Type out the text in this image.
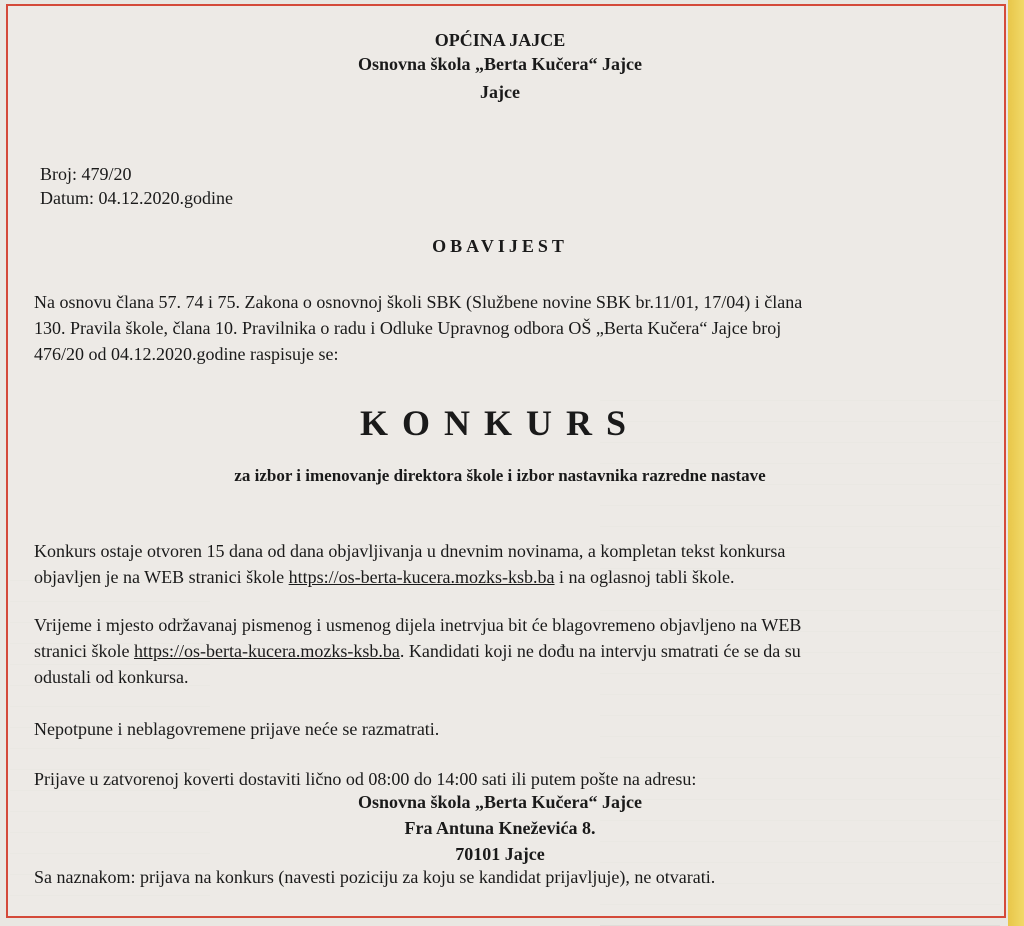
OPĆINA JAJCE
Osnovna škola „Berta Kučera“ Jajce
Jajce
Broj: 479/20
Datum: 04.12.2020.godine
OBAVIJEST
Na osnovu člana 57. 74 i 75. Zakona o osnovnoj školi SBK (Službene novine SBK br.11/01, 17/04) i člana
130. Pravila škole, člana 10. Pravilnika o radu i Odluke Upravnog odbora OŠ „Berta Kučera“ Jajce broj
476/20 od 04.12.2020.godine raspisuje se:
KONKURS
za izbor i imenovanje direktora škole i izbor nastavnika razredne nastave
Konkurs ostaje otvoren 15 dana od dana objavljivanja u dnevnim novinama, a kompletan tekst konkursa
objavljen je na WEB stranici škole https://os-berta-kucera.mozks-ksb.ba i na oglasnoj tabli škole.
Vrijeme i mjesto održavanaj pismenog i usmenog dijela inetrvjua bit će blagovremeno objavljeno na WEB
stranici škole https://os-berta-kucera.mozks-ksb.ba. Kandidati koji ne dođu na intervju smatrati će se da su
odustali od konkursa.
Nepotpune i neblagovremene prijave neće se razmatrati.
Prijave u zatvorenoj koverti dostaviti lično od 08:00 do 14:00 sati ili putem pošte na adresu:
Osnovna škola „Berta Kučera“ Jajce
Fra Antuna Kneževića 8.
70101 Jajce
Sa naznakom: prijava na konkurs (navesti poziciju za koju se kandidat prijavljuje), ne otvarati.
